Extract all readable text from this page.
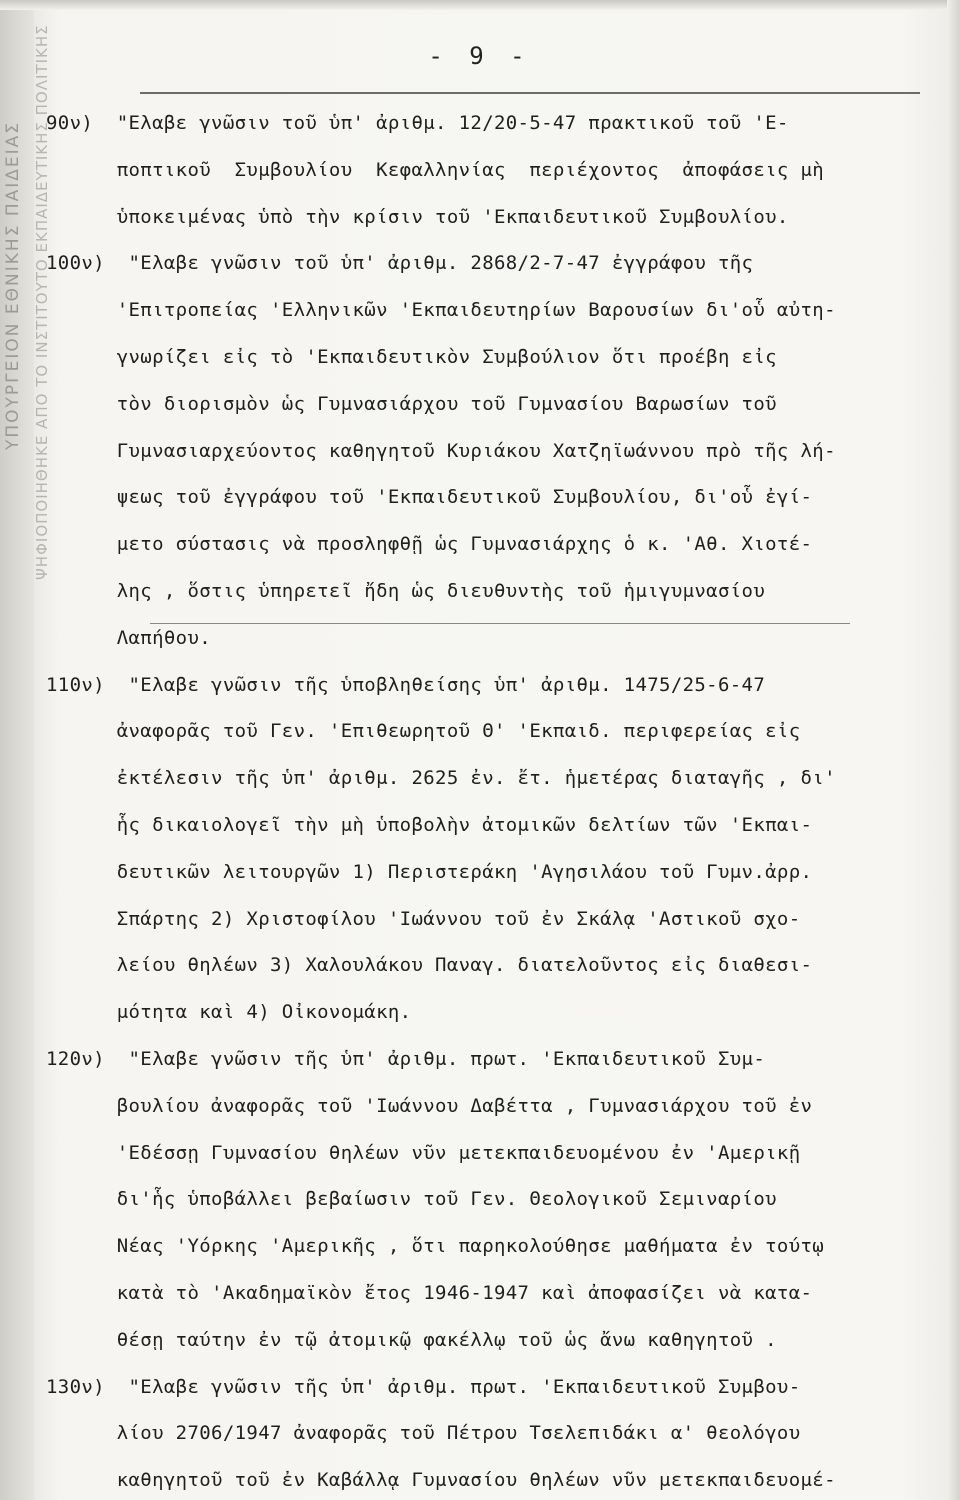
ΥΠΟΥΡΓΕΙΟΝ ΕΘΝΙΚΗΣ ΠΑΙΔΕΙΑΣ ΨΗΦΙΟΠΟΙΗΘΗΚΕ ΑΠΟ ΤΟ ΙΝΣΤΙΤΟΥΤΟ ΕΚΠΑΙΔΕΥΤΙΚΗΣ ΠΟΛΙΤΙΚΗΣ	- 9 -
90ν)  "Ελαβε γνῶσιν τοῦ ὑπ' ἀριθμ. 12/20-5-47 πρακτικοῦ τοῦ 'Ε-
ποπτικοῦ  Συμβουλίου  Κεφαλληνίας  περιέχοντος  ἀποφάσεις μὴ
ὑποκειμένας ὑπὸ τὴν κρίσιν τοῦ 'Εκπαιδευτικοῦ Συμβουλίου.
100ν)  "Ελαβε γνῶσιν τοῦ ὑπ' ἀριθμ. 2868/2-7-47 ἐγγράφου τῆς
'Επιτροπείας 'Ελληνικῶν 'Εκπαιδευτηρίων Βαρουσίων δι'οὗ αὐτη-
γνωρίζει εἰς τὸ 'Εκπαιδευτικὸν Συμβούλιον ὅτι προέβη εἰς
τὸν διορισμὸν ὡς Γυμνασιάρχου τοῦ Γυμνασίου Βαρωσίων τοῦ
Γυμνασιαρχεύοντος καθηγητοῦ Κυριάκου Χατζηϊωάννου πρὸ τῆς λή-
ψεως τοῦ ἐγγράφου τοῦ 'Εκπαιδευτικοῦ Συμβουλίου, δι'οὗ ἐγί-
μετο σύστασις νὰ προσληφθῇ ὡς Γυμνασιάρχης ὁ κ. 'Αθ. Χιοτέ-
λης , ὅστις ὑπηρετεῖ ἤδη ὡς διευθυντὴς τοῦ ἡμιγυμνασίου
Λαπήθου.
110ν)  "Ελαβε γνῶσιν τῆς ὑποβληθείσης ὑπ' ἀριθμ. 1475/25-6-47
ἀναφορᾶς τοῦ Γεν. 'Επιθεωρητοῦ Θ' 'Εκπαιδ. περιφερείας εἰς
ἐκτέλεσιν τῆς ὑπ' ἀριθμ. 2625 ἐν. ἔτ. ἡμετέρας διαταγῆς , δι'
ἧς δικαιολογεῖ τὴν μὴ ὑποβολὴν ἀτομικῶν δελτίων τῶν 'Εκπαι-
δευτικῶν λειτουργῶν 1) Περιστεράκη 'Αγησιλάου τοῦ Γυμν.ἀρρ.
Σπάρτης 2) Χριστοφίλου 'Ιωάννου τοῦ ἐν Σκάλᾳ 'Αστικοῦ σχο-
λείου θηλέων 3) Χαλουλάκου Παναγ. διατελοῦντος εἰς διαθεσι-
μότητα καὶ 4) Οἰκονομάκη.
120ν)  "Ελαβε γνῶσιν τῆς ὑπ' ἀριθμ. πρωτ. 'Εκπαιδευτικοῦ Συμ-
βουλίου ἀναφορᾶς τοῦ 'Ιωάννου Δαβέττα , Γυμνασιάρχου τοῦ ἐν
'Εδέσσῃ Γυμνασίου θηλέων νῦν μετεκπαιδευομένου ἐν 'Αμερικῇ
δι'ἧς ὑποβάλλει βεβαίωσιν τοῦ Γεν. Θεολογικοῦ Σεμιναρίου
Νέας 'Υόρκης 'Αμερικῆς , ὅτι παρηκολούθησε μαθήματα ἐν τούτῳ
κατὰ τὸ 'Ακαδημαϊκὸν ἔτος 1946-1947 καὶ ἀποφασίζει νὰ κατα-
θέσῃ ταύτην ἐν τῷ ἀτομικῷ φακέλλῳ τοῦ ὡς ἄνω καθηγητοῦ .
130ν)  "Ελαβε γνῶσιν τῆς ὑπ' ἀριθμ. πρωτ. 'Εκπαιδευτικοῦ Συμβου-
λίου 2706/1947 ἀναφορᾶς τοῦ Πέτρου Τσελεπιδάκι α' θεολόγου
καθηγητοῦ τοῦ ἐν Καβάλλᾳ Γυμνασίου θηλέων νῦν μετεκπαιδευομέ-
